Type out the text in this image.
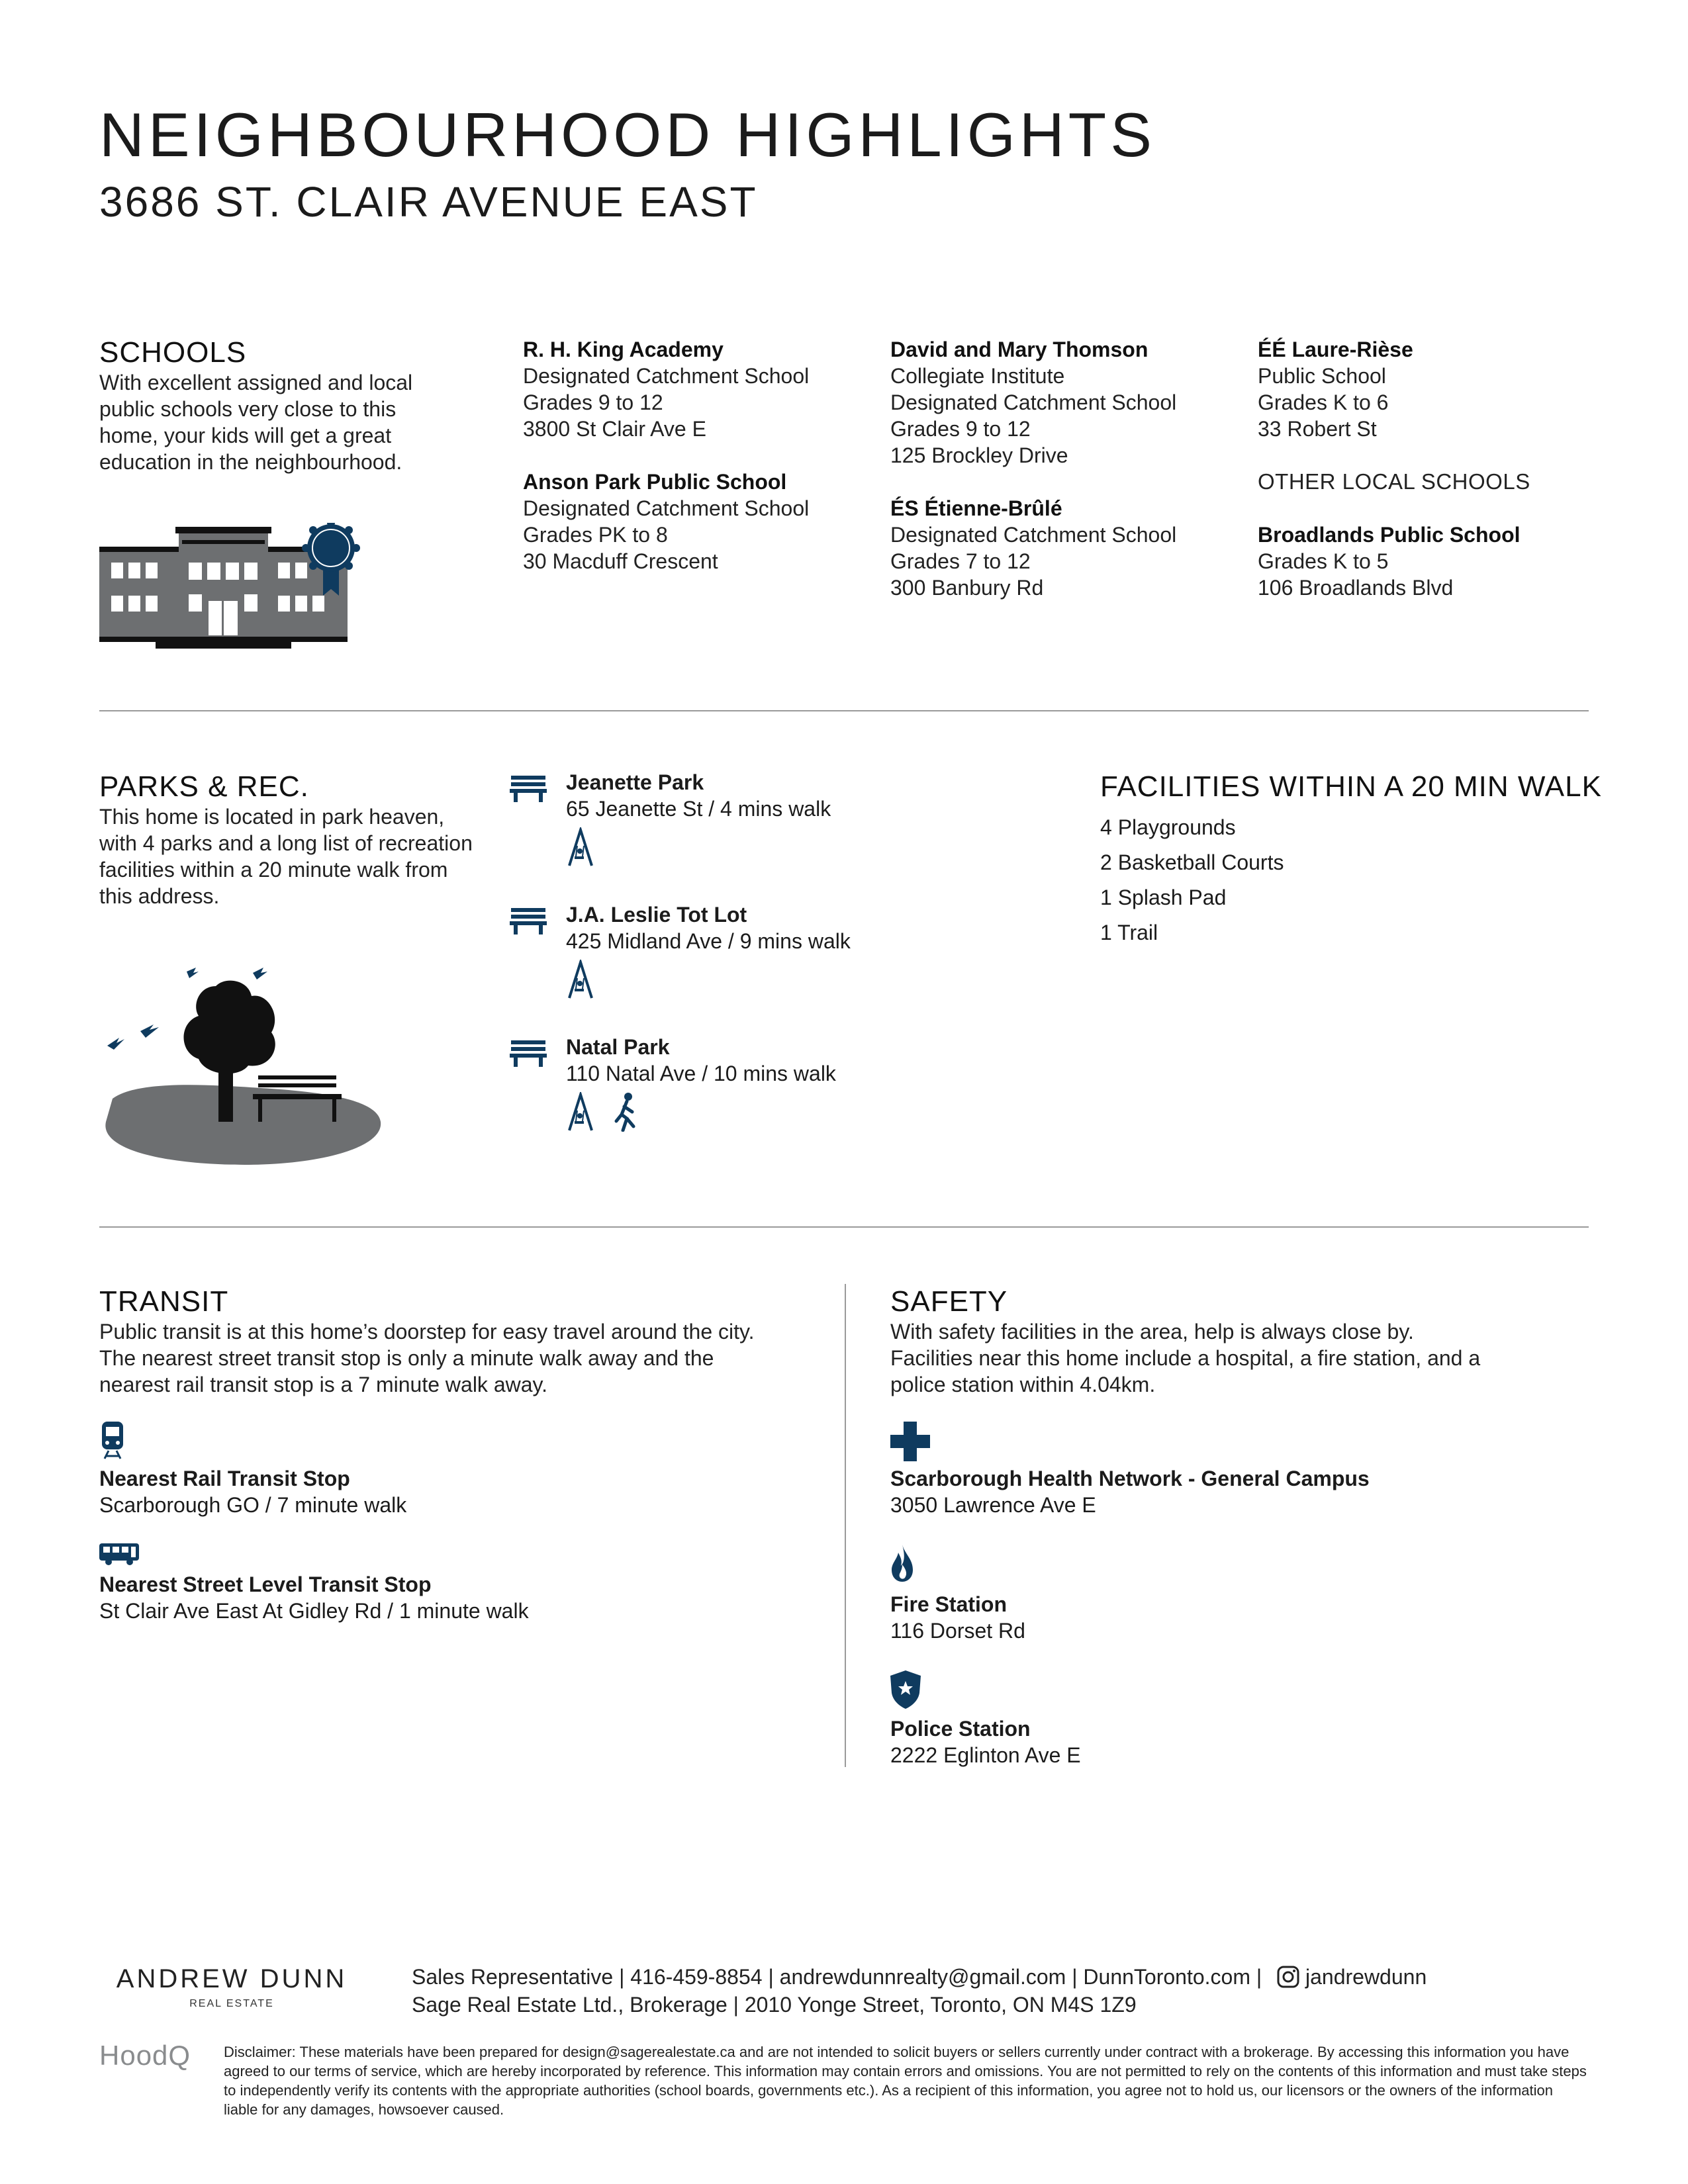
NEIGHBOURHOOD HIGHLIGHTS
3686 ST. CLAIR AVENUE EAST
SCHOOLS
With excellent assigned and local public schools very close to this home, your kids will get a great education in the neighbourhood.

R. H. King Academy

Designated Catchment School

Grades 9 to 12

3800 St Clair Ave E

Anson Park Public School

Designated Catchment School

Grades PK to 8

30 Macduff Crescent

David and Mary Thomson

Collegiate Institute

Designated Catchment School

Grades 9 to 12

125 Brockley Drive

ÉS Étienne-Brûlé

Designated Catchment School

Grades 7 to 12

300 Banbury Rd

ÉÉ Laure-Rièse

Public School

Grades K to 6

33 Robert St

OTHER LOCAL SCHOOLS

Broadlands Public School

Grades K to 5

106 Broadlands Blvd

PARKS & REC.
This home is located in park heaven, with 4 parks and a long list of recreation facilities within a 20 minute walk from this address.
Jeanette Park
65 Jeanette St / 4 mins walk
J.A. Leslie Tot Lot
425 Midland Ave / 9 mins walk
Natal Park
110 Natal Ave / 10 mins walk
FACILITIES WITHIN A 20 MIN WALK
4 Playgrounds
2 Basketball Courts
1 Splash Pad
1 Trail
TRANSIT
Public transit is at this home’s doorstep for easy travel around the city. The nearest street transit stop is only a minute walk away and the nearest rail transit stop is a 7 minute walk away.
Nearest Rail Transit Stop
Scarborough GO / 7 minute walk
Nearest Street Level Transit Stop
St Clair Ave East At Gidley Rd / 1 minute walk
SAFETY
With safety facilities in the area, help is always close by. Facilities near this home include a hospital, a fire station, and a police station within 4.04km.
Scarborough Health Network - General Campus
3050 Lawrence Ave E
Fire Station
116 Dorset Rd
Police Station
2222 Eglinton Ave E
ANDREW DUNN
REAL ESTATE
Sales Representative | 416-459-8854 | andrewdunnrealty@gmail.com | DunnToronto.com | jandrewdunn
Sage Real Estate Ltd., Brokerage | 2010 Yonge Street, Toronto, ON M4S 1Z9
HoodQ Disclaimer: These materials have been prepared for design@sagerealestate.ca and are not intended to solicit buyers or sellers currently under contract with a brokerage. By accessing this information you have agreed to our terms of service, which are hereby incorporated by reference. This information may contain errors and omissions. You are not permitted to rely on the contents of this information and must take steps to independently verify its contents with the appropriate authorities (school boards, governments etc.). As a recipient of this information, you agree not to hold us, our licensors or the owners of the information liable for any damages, howsoever caused.
